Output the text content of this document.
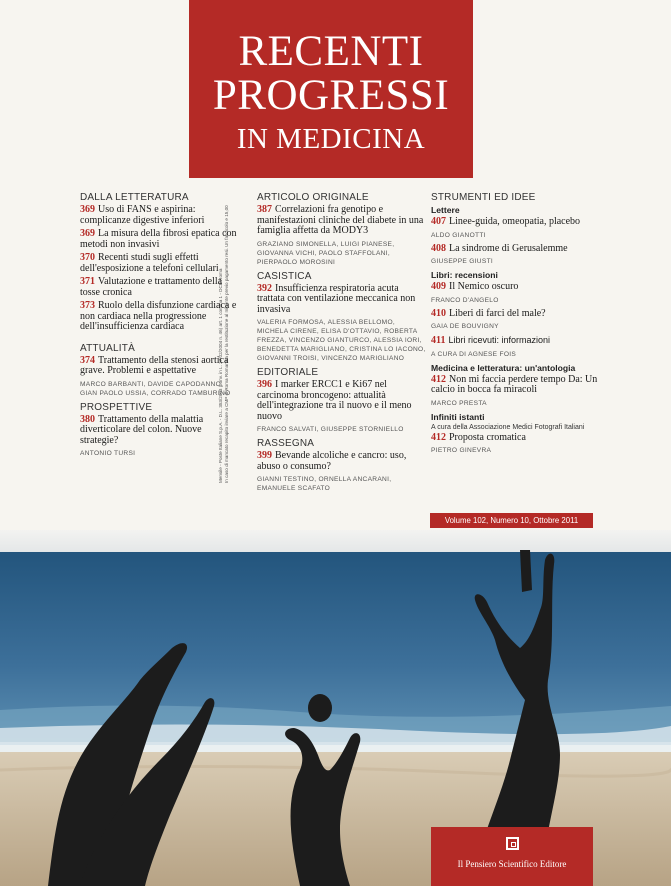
RECENTI
PROGRESSI
IN MEDICINA
Mensile - Poste Italiane S.p.A. - D.L. 353/2003 (conv. in L. 27/02/2004 n. 46) art. 1 comma 1 - DCB Roma In caso di mancato recapito inviare a CMP di Roma Romanina per la restituzione al mittente previo pagamento resi. Un fascicolo e 15,00
DALLA LETTERATURA
369 Uso di FANS e aspirina: complicanze digestive inferiori
369 La misura della fibrosi epatica con metodi non invasivi
370 Recenti studi sugli effetti dell'esposizione a telefoni cellulari
371 Valutazione e trattamento della tosse cronica
373 Ruolo della disfunzione cardiaca e non cardiaca nella progressione dell'insufficienza cardiaca
ATTUALITÀ
374 Trattamento della stenosi aortica grave. Problemi e aspettative
MARCO BARBANTI, DAVIDE CAPODANNO, GIAN PAOLO USSIA, CORRADO TAMBURINO
PROSPETTIVE
380 Trattamento della malattia diverticolare del colon. Nuove strategie?
ANTONIO TURSI
ARTICOLO ORIGINALE
387 Correlazioni fra genotipo e manifestazioni cliniche del diabete in una famiglia affetta da MODY3
GRAZIANO SIMONELLA, LUIGI PIANESE, GIOVANNA VICHI, PAOLO STAFFOLANI, PIERPAOLO MOROSINI
CASISTICA
392 Insufficienza respiratoria acuta trattata con ventilazione meccanica non invasiva
VALERIA FORMOSA, ALESSIA BELLOMO, MICHELA CIRENE, ELISA D'OTTAVIO, ROBERTA FREZZA, VINCENZO GIANTURCO, ALESSIA IORI, BENEDETTA MARIGLIANO, CRISTINA LO IACONO, GIOVANNI TROISI, VINCENZO MARIGLIANO
EDITORIALE
396 I marker ERCC1 e Ki67 nel carcinoma broncogeno: attualità dell'integrazione tra il nuovo e il meno nuovo
FRANCO SALVATI, GIUSEPPE STORNIELLO
RASSEGNA
399 Bevande alcoliche e cancro: uso, abuso o consumo?
GIANNI TESTINO, ORNELLA ANCARANI, EMANUELE SCAFATO
STRUMENTI ED IDEE
Lettere
407 Linee-guida, omeopatia, placebo
ALDO GIANOTTI
408 La sindrome di Gerusalemme
GIUSEPPE GIUSTI
Libri: recensioni
409 Il Nemico oscuro
FRANCO D'ANGELO
410 Liberi di farci del male?
GAIA DE BOUVIGNY
411 Libri ricevuti: informazioni
A CURA DI AGNESE FOIS
Medicina e letteratura: un'antologia
412 Non mi faccia perdere tempo Da: Un calcio in bocca fa miracoli
MARCO PRESTA
Infiniti istanti
A cura della Associazione Medici Fotografi Italiani
412 Proposta cromatica
PIETRO GINEVRA
Volume 102, Numero 10, Ottobre 2011
Il Pensiero Scientifico Editore
